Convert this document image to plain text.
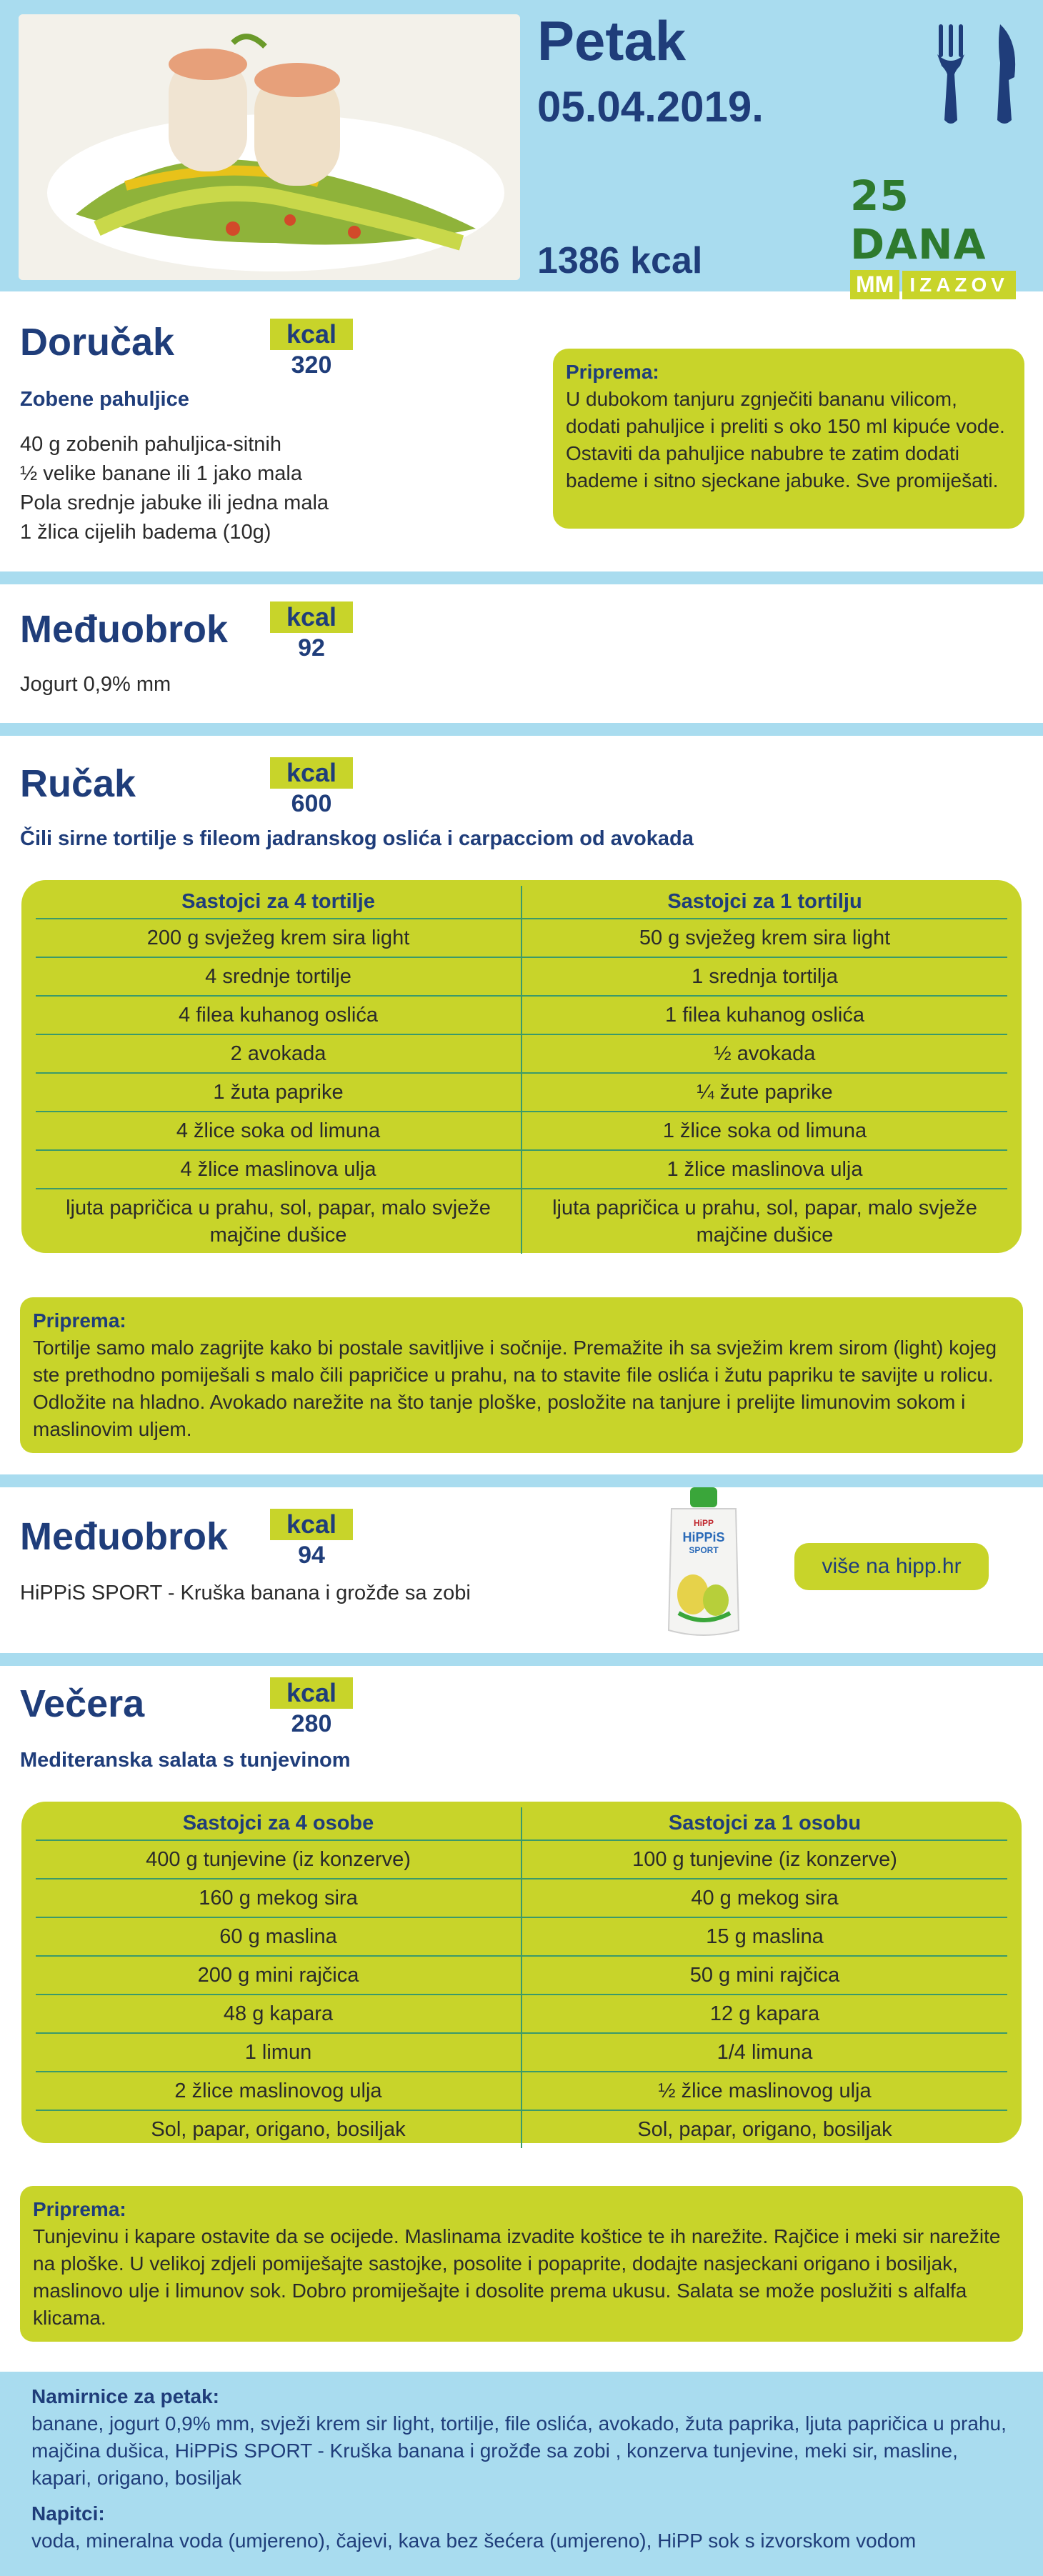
Petak
05.04.2019.
1386 kcal
25 DANA
MM IZAZOV
Doručak	kcal
320
Zobene pahuljice
40 g zobenih pahuljica-sitnih
½ velike banane ili 1 jako mala
Pola srednje jabuke ili jedna mala
1 žlica cijelih badema (10g)
Priprema:
U dubokom tanjuru zgnječiti bananu vilicom, dodati pahuljice i preliti s oko 150 ml kipuće vode. Ostaviti da pahuljice nabubre te zatim dodati bademe i sitno sjeckane jabuke. Sve promiješati.
Međuobrok	kcal
92
Jogurt 0,9% mm
Ručak	kcal
600
Čili sirne tortilje s fileom jadranskog oslića i carpacciom od avokada
Sastojci za 4 tortilje	Sastojci za 1 tortilju
200 g svježeg krem sira light	50 g svježeg krem sira light
4 srednje tortilje	1 srednja tortilja
4 filea kuhanog oslića	1 filea kuhanog oslića
2 avokada	½ avokada
1 žuta paprike	¼ žute paprike
4 žlice soka od limuna	1 žlice soka od limuna
4 žlice maslinova ulja	1 žlice maslinova ulja
ljuta papričica u prahu, sol, papar, malo svježe majčine dušice	ljuta papričica u prahu, sol, papar, malo svježe majčine dušice
Priprema:
Tortilje samo malo zagrijte kako bi postale savitljive i sočnije. Premažite ih sa svježim krem sirom (light) kojeg ste prethodno pomiješali s malo čili papričice u prahu, na to stavite file oslića i žutu papriku te savijte u rolicu. Odložite na hladno. Avokado narežite na što tanje ploške, posložite na tanjure i prelijte limunovim sokom i maslinovim uljem.
Međuobrok	kcal
94
HiPPiS SPORT - Kruška banana i grožđe sa zobi
HiPP
HiPPiS
SPORT
više na hipp.hr
Večera	kcal
280
Mediteranska salata s tunjevinom
Sastojci za 4 osobe	Sastojci za 1 osobu
400 g tunjevine (iz konzerve)	100 g tunjevine (iz konzerve)
160 g mekog sira	40 g mekog sira
60 g maslina	15 g maslina
200 g mini rajčica	50 g mini rajčica
48 g kapara	12 g kapara
1 limun	1/4 limuna
2 žlice maslinovog ulja	½ žlice maslinovog ulja
Sol, papar, origano, bosiljak	Sol, papar, origano, bosiljak
Priprema:
Tunjevinu i kapare ostavite da se ocijede. Maslinama izvadite koštice te ih narežite. Rajčice i meki sir narežite na ploške. U velikoj zdjeli pomiješajte sastojke, posolite i popaprite, dodajte nasjeckani origano i bosiljak, maslinovo ulje i limunov sok. Dobro promiješajte i dosolite prema ukusu. Salata se može poslužiti s alfalfa klicama.
Namirnice za petak:
banane, jogurt 0,9% mm, svježi krem sir light, tortilje, file oslića, avokado, žuta paprika, ljuta papričica u prahu, majčina dušica, HiPPiS SPORT - Kruška banana i grožđe sa zobi , konzerva tunjevine, meki sir, masline, kapari, origano, bosiljak
Napitci:
voda, mineralna voda (umjereno), čajevi, kava bez šećera (umjereno), HiPP sok s izvorskom vodom
